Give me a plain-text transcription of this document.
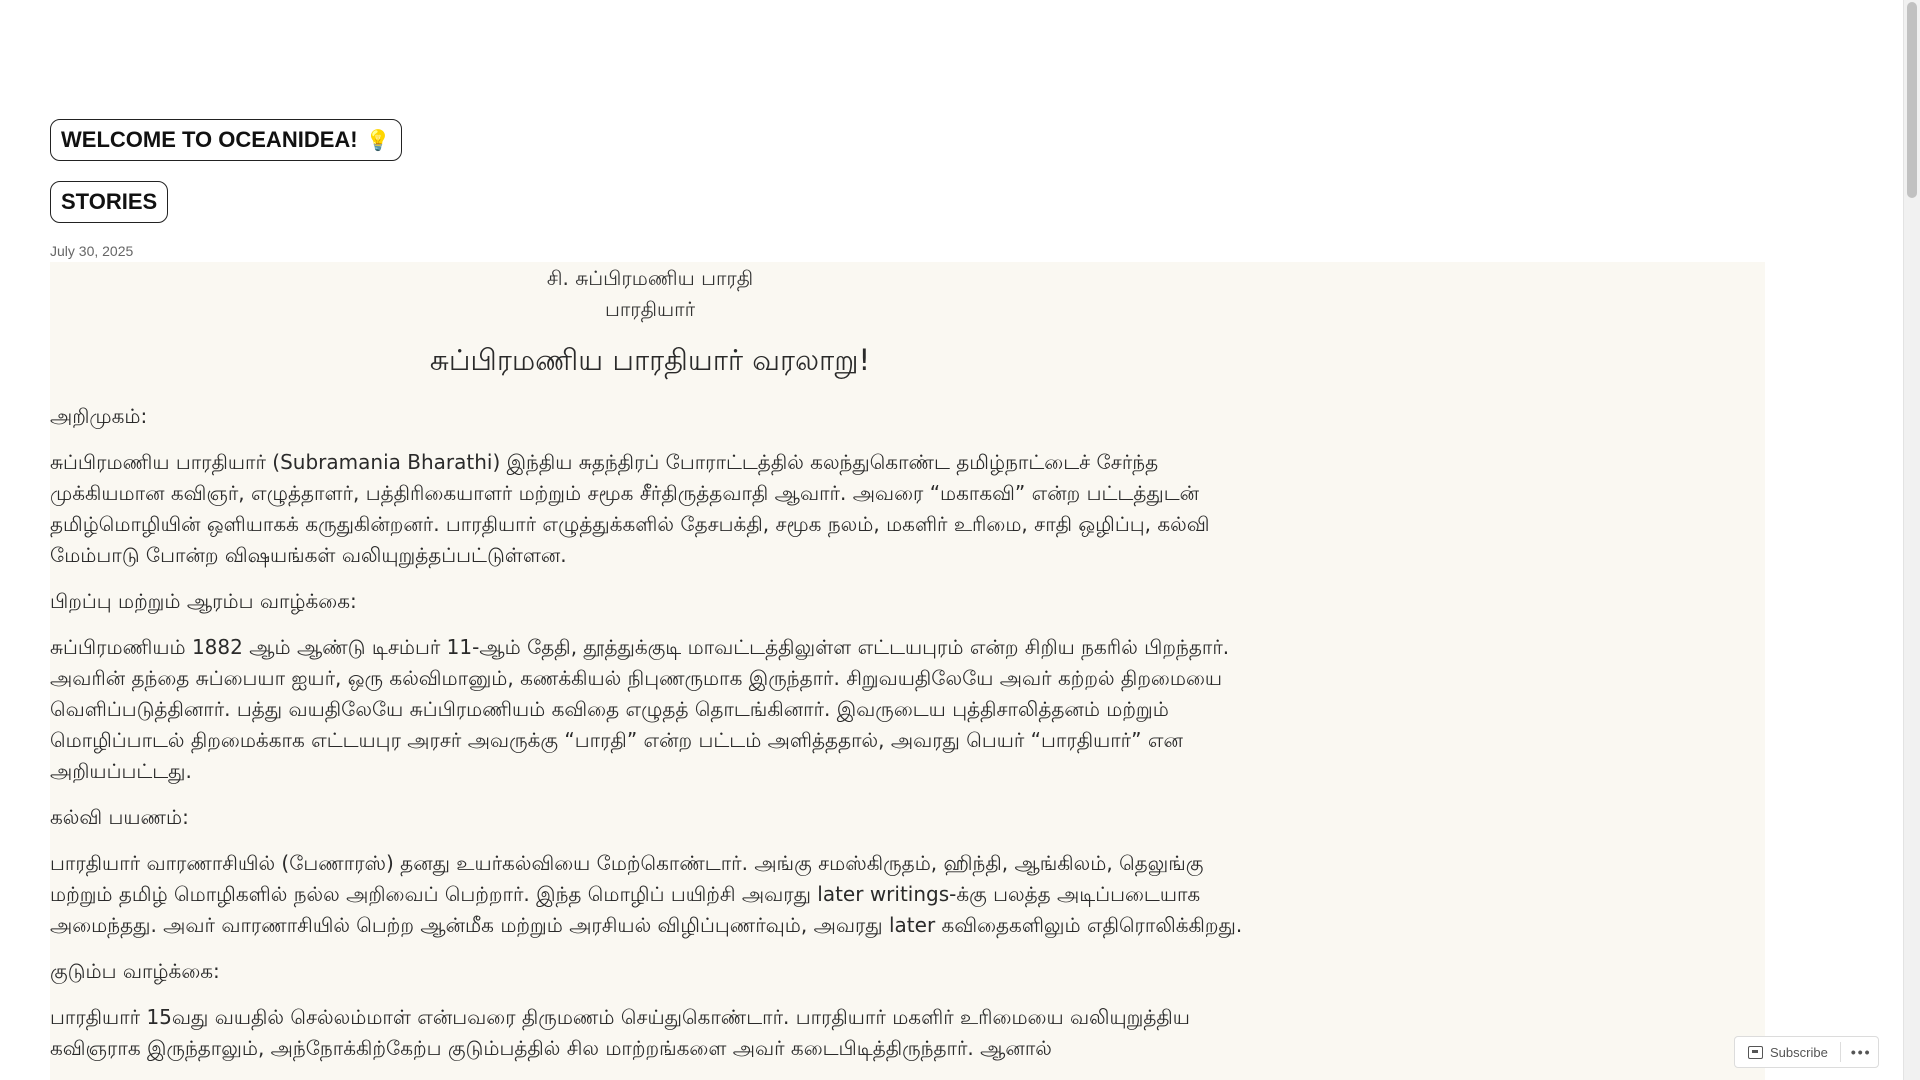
WELCOME TO OCEANIDEA! 💡
STORIES
July 30, 2025
சி. சுப்பிரமணிய பாரதி
பாரதியார்
சுப்பிரமணிய பாரதியார் வரலாறு!

அறிமுகம்:

சுப்பிரமணிய பாரதியார் (Subramania Bharathi) இந்திய சுதந்திரப் போராட்டத்தில் கலந்துகொண்ட தமிழ்நாட்டைச் சேர்ந்த முக்கியமான கவிஞர், எழுத்தாளர், பத்திரிகையாளர் மற்றும் சமூக சீர்திருத்தவாதி ஆவார். அவரை “மகாகவி” என்ற பட்டத்துடன் தமிழ்மொழியின் ஒளியாகக் கருதுகின்றனர். பாரதியார் எழுத்துக்களில் தேசபக்தி, சமூக நலம், மகளிர் உரிமை, சாதி ஒழிப்பு, கல்வி மேம்பாடு போன்ற விஷயங்கள் வலியுறுத்தப்பட்டுள்ளன.

பிறப்பு மற்றும் ஆரம்ப வாழ்க்கை:

சுப்பிரமணியம் 1882 ஆம் ஆண்டு டிசம்பர் 11-ஆம் தேதி, தூத்துக்குடி மாவட்டத்திலுள்ள எட்டயபுரம் என்ற சிறிய நகரில் பிறந்தார். அவரின் தந்தை சுப்பையா ஐயர், ஒரு கல்விமானும், கணக்கியல் நிபுணருமாக இருந்தார். சிறுவயதிலேயே அவர் கற்றல் திறமையை வெளிப்படுத்தினார். பத்து வயதிலேயே சுப்பிரமணியம் கவிதை எழுதத் தொடங்கினார். இவருடைய புத்திசாலித்தனம் மற்றும் மொழிப்பாடல் திறமைக்காக எட்டயபுர அரசர் அவருக்கு “பாரதி” என்ற பட்டம் அளித்ததால், அவரது பெயர் “பாரதியார்” என அறியப்பட்டது.

கல்வி பயணம்:

பாரதியார் வாரணாசியில் (பேணாரஸ்) தனது உயர்கல்வியை மேற்கொண்டார். அங்கு சமஸ்கிருதம், ஹிந்தி, ஆங்கிலம், தெலுங்கு மற்றும் தமிழ் மொழிகளில் நல்ல அறிவைப் பெற்றார். இந்த மொழிப் பயிற்சி அவரது later writings-க்கு பலத்த அடிப்படையாக அமைந்தது. அவர் வாரணாசியில் பெற்ற ஆன்மீக மற்றும் அரசியல் விழிப்புணர்வும், அவரது later கவிதைகளிலும் எதிரொலிக்கிறது.

குடும்ப வாழ்க்கை:

பாரதியார் 15வது வயதில் செல்லம்மாள் என்பவரை திருமணம் செய்துகொண்டார். பாரதியார் மகளிர் உரிமையை வலியுறுத்திய கவிஞராக இருந்தாலும், அந்நோக்கிற்கேற்ப குடும்பத்தில் சில மாற்றங்களை அவர் கடைபிடித்திருந்தார். ஆனால்	Subscribe •••
